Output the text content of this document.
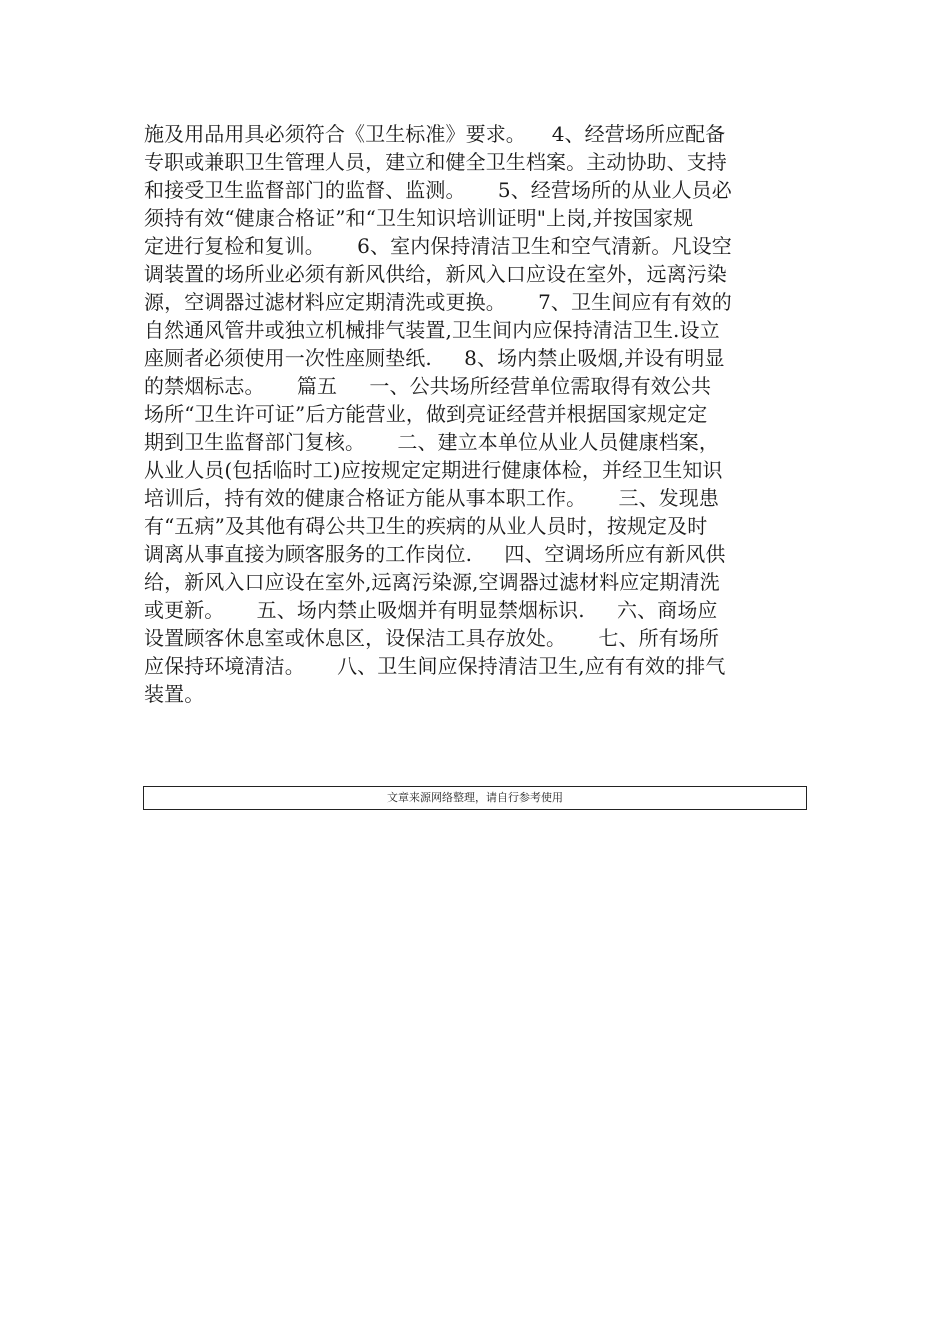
施及用品用具必须符合《卫生标准》要求。    4、经营场所应配备
专职或兼职卫生管理人员，建立和健全卫生档案。主动协助、支持
和接受卫生监督部门的监督、监测。     5、经营场所的从业人员必
须持有效“健康合格证”和“卫生知识培训证明"上岗,并按国家规
定进行复检和复训。     6、室内保持清洁卫生和空气清新。凡设空
调装置的场所业必须有新风供给，新风入口应设在室外，远离污染
源，空调器过滤材料应定期清洗或更换。     7、卫生间应有有效的
自然通风管井或独立机械排气装置,卫生间内应保持清洁卫生.设立
座厕者必须使用一次性座厕垫纸.     8、场内禁止吸烟,并设有明显
的禁烟标志。     篇五     一、公共场所经营单位需取得有效公共
场所“卫生许可证”后方能营业，做到亮证经营并根据国家规定定
期到卫生监督部门复核。     二、建立本单位从业人员健康档案，
从业人员(包括临时工)应按规定定期进行健康体检，并经卫生知识
培训后，持有效的健康合格证方能从事本职工作。     三、发现患
有“五病”及其他有碍公共卫生的疾病的从业人员时，按规定及时
调离从事直接为顾客服务的工作岗位.     四、空调场所应有新风供
给，新风入口应设在室外,远离污染源,空调器过滤材料应定期清洗
或更新。     五、场内禁止吸烟并有明显禁烟标识.     六、商场应
设置顾客休息室或休息区，设保洁工具存放处。     七、所有场所
应保持环境清洁。     八、卫生间应保持清洁卫生,应有有效的排气
装置。
文章来源网络整理，请自行参考使用
